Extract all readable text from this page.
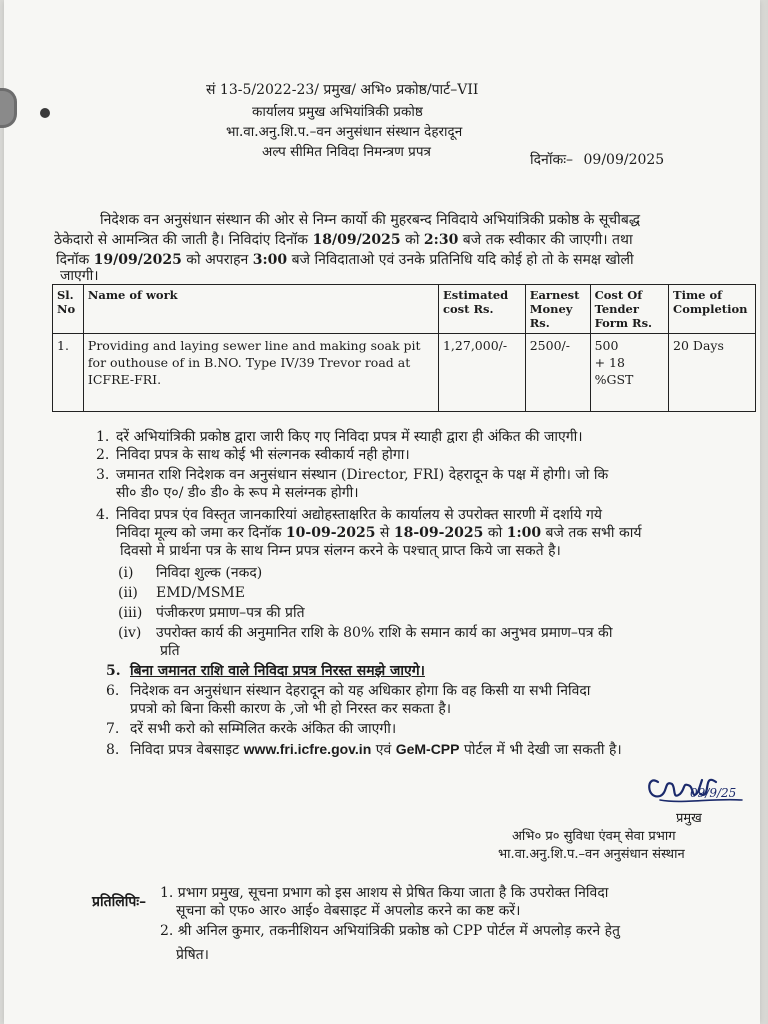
सं 13-5/2022-23/ प्रमुख/ अभि० प्रकोष्ठ/पार्ट–VII
कार्यालय प्रमुख अभियांत्रिकी प्रकोष्ठ
भा.वा.अनु.शि.प.–वन अनुसंधान संस्थान देहरादून
अल्प सीमित निविदा निमन्त्रण प्रपत्र	दिनॉकः– 09/09/2025
निदेशक वन अनुसंधान संस्थान की ओर से निम्न कार्यो की मुहरबन्द निविदाये अभियांत्रिकी प्रकोष्ठ के सूचीबद्ध
ठेकेदारो से आमन्त्रित की जाती है। निविदांए दिनॉक 18/09/2025 को 2:30 बजे तक स्वीकार की जाएगी। तथा
दिनॉक 19/09/2025 को अपराहन 3:00 बजे निविदाताओ एवं उनके प्रतिनिधि यदि कोई हो तो के समक्ष खोली
जाएगी।
Sl. No	Name of work	Estimated cost Rs.	Earnest Money Rs.	Cost Of Tender Form Rs.	Time of Completion
1.	Providing and laying sewer line and making soak pit for outhouse of in B.NO. Type IV/39 Trevor road at ICFRE-FRI.	1,27,000/-	2500/-	500
+ 18 %GST	20 Days
1. दरें अभियांत्रिकी प्रकोष्ठ द्वारा जारी किए गए निविदा प्रपत्र में स्याही द्वारा ही अंकित की जाएगी।
2. निविदा प्रपत्र के साथ कोई भी संल्गनक स्वीकार्य नही होगा।
3. जमानत राशि निदेशक वन अनुसंधान संस्थान (Director, FRI) देहरादून के पक्ष में होगी। जो कि
सी० डी० ए०/ डी० डी० के रूप मे सलंग्नक होगी।
4. निविदा प्रपत्र एंव विस्तृत जानकारियां अद्योहस्ताक्षरित के कार्यालय से उपरोक्त सारणी में दर्शाये गये
निविदा मूल्य को जमा कर दिनॉक 10-09-2025 से 18-09-2025 को 1:00 बजे तक सभी कार्य
दिवसो मे प्रार्थना पत्र के साथ निम्न प्रपत्र संलग्न करने के पश्चात् प्राप्त किये जा सकते है।
(i) निविदा शुल्क (नकद)
(ii) EMD/MSME
(iii) पंजीकरण प्रमाण–पत्र की प्रति
(iv) उपरोक्त कार्य की अनुमानित राशि के 80% राशि के समान कार्य का अनुभव प्रमाण–पत्र की
प्रति
5. बिना जमानत राशि वाले निविदा प्रपत्र निरस्त समझे जाएगे।
6. निदेशक वन अनुसंधान संस्थान देहरादून को यह अधिकार होगा कि वह किसी या सभी निविदा
प्रपत्रो को बिना किसी कारण के ,जो भी हो निरस्त कर सकता है।
7. दरें सभी करो को सम्मिलित करके अंकित की जाएगी।
8. निविदा प्रपत्र वेबसाइट www.fri.icfre.gov.in एवं GeM-CPP पोर्टल में भी देखी जा सकती है।
09/9/25
प्रमुख
अभि० प्र० सुविधा एंवम् सेवा प्रभाग
भा.वा.अनु.शि.प.–वन अनुसंधान संस्थान
प्रतिलिपिः–
1. प्रभाग प्रमुख, सूचना प्रभाग को इस आशय से प्रेषित किया जाता है कि उपरोक्त निविदा
सूचना को एफ० आर० आई० वेबसाइट में अपलोड करने का कष्ट करें।
2. श्री अनिल कुमार, तकनीशियन अभियांत्रिकी प्रकोष्ठ को CPP पोर्टल में अपलोड़ करने हेतु
प्रेषित।
